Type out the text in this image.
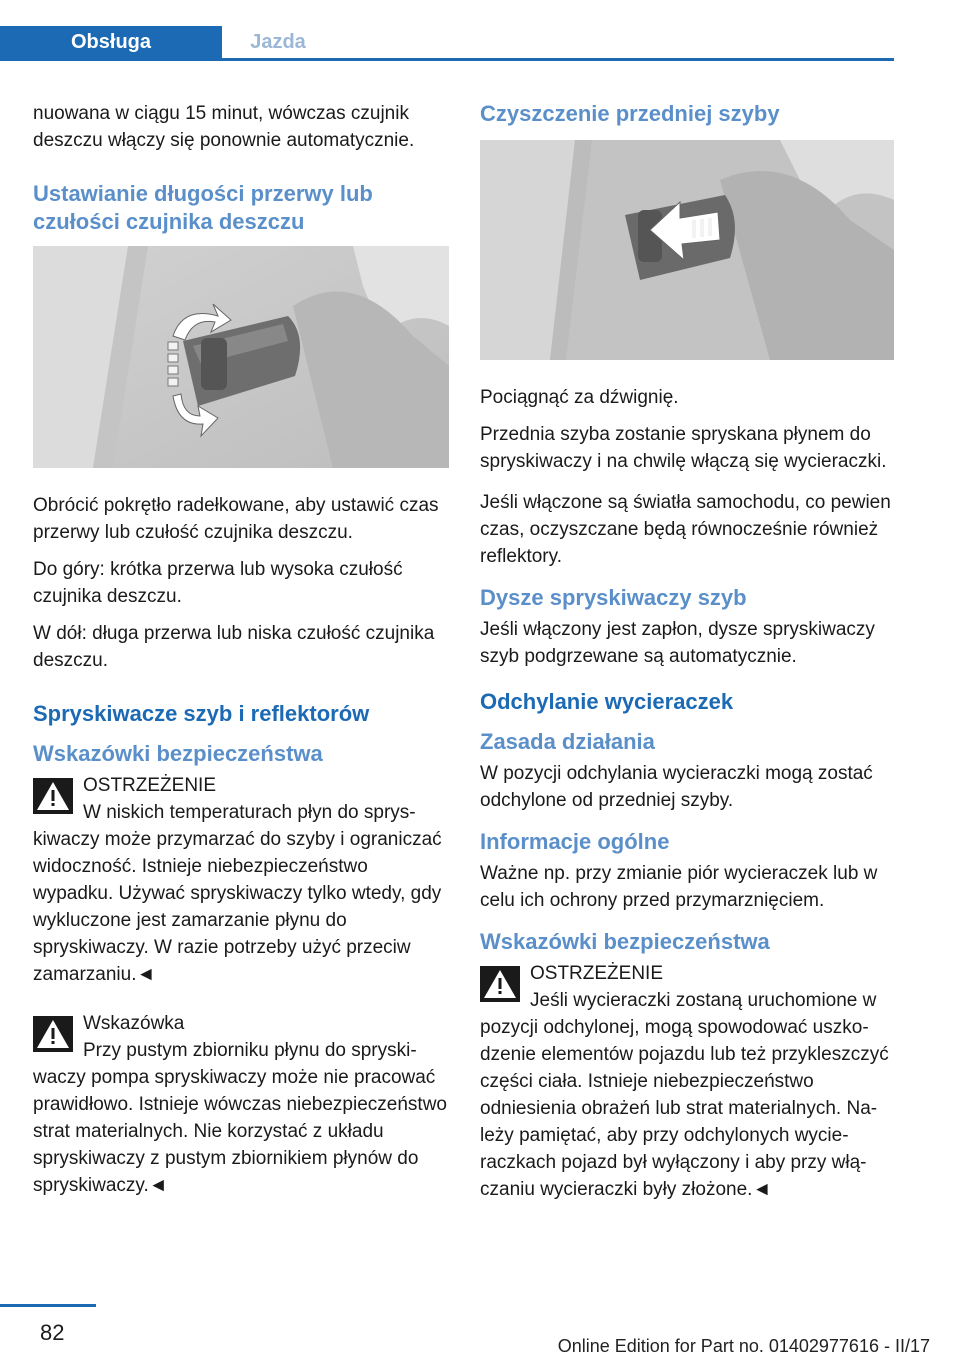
Obsługa	Jazda

nuowana w ciągu 15 minut, wówczas czujnik deszczu włączy się ponownie automatycznie.

Ustawianie długości przerwy lub czułości czujnika deszczu

Obrócić pokrętło radełkowane, aby ustawić czas przerwy lub czułość czujnika deszczu.

Do góry: krótka przerwa lub wysoka czułość czujnika deszczu.

W dół: długa przerwa lub niska czułość czujnika deszczu.

Spryskiwacze szyb i reflektorów
Wskazówki bezpieczeństwa
OSTRZEŻENIE
W niskich temperaturach płyn do sprys-
kiwaczy może przymarzać do szyby i ograniczać widoczność. Istnieje niebezpieczeństwo wypadku. Używać spryskiwaczy tylko wtedy, gdy wykluczone jest zamarzanie płynu do spryskiwaczy. W razie potrzeby użyć przeciw zamarzaniu.◄
Wskazówka
Przy pustym zbiorniku płynu do spryski-
waczy pompa spryskiwaczy może nie pracować prawidłowo. Istnieje wówczas niebezpieczeństwo strat materialnych. Nie korzystać z układu spryskiwaczy z pustym zbiornikiem płynów do spryskiwaczy.◄
Czyszczenie przedniej szyby

Pociągnąć za dźwignię.

Przednia szyba zostanie spryskana płynem do spryskiwaczy i na chwilę włączą się wycieraczki.

Jeśli włączone są światła samochodu, co pewien czas, oczyszczane będą równocześnie również reflektory.

Dysze spryskiwaczy szyb

Jeśli włączony jest zapłon, dysze spryskiwaczy szyb podgrzewane są automatycznie.

Odchylanie wycieraczek
Zasada działania

W pozycji odchylania wycieraczki mogą zostać odchylone od przedniej szyby.

Informacje ogólne

Ważne np. przy zmianie piór wycieraczek lub w celu ich ochrony przed przymarznięciem.

Wskazówki bezpieczeństwa
OSTRZEŻENIE
Jeśli wycieraczki zostaną uruchomione w
pozycji odchylonej, mogą spowodować uszkodzenie elementów pojazdu lub też przykleszczyć części ciała. Istnieje niebezpieczeństwo odniesienia obrażeń lub strat materialnych. Należy pamiętać, aby przy odchylonych wycieraczkach pojazd był wyłączony i aby przy włączaniu wycieraczki były złożone.◄
82
Online Edition for Part no. 01402977616 - II/17
